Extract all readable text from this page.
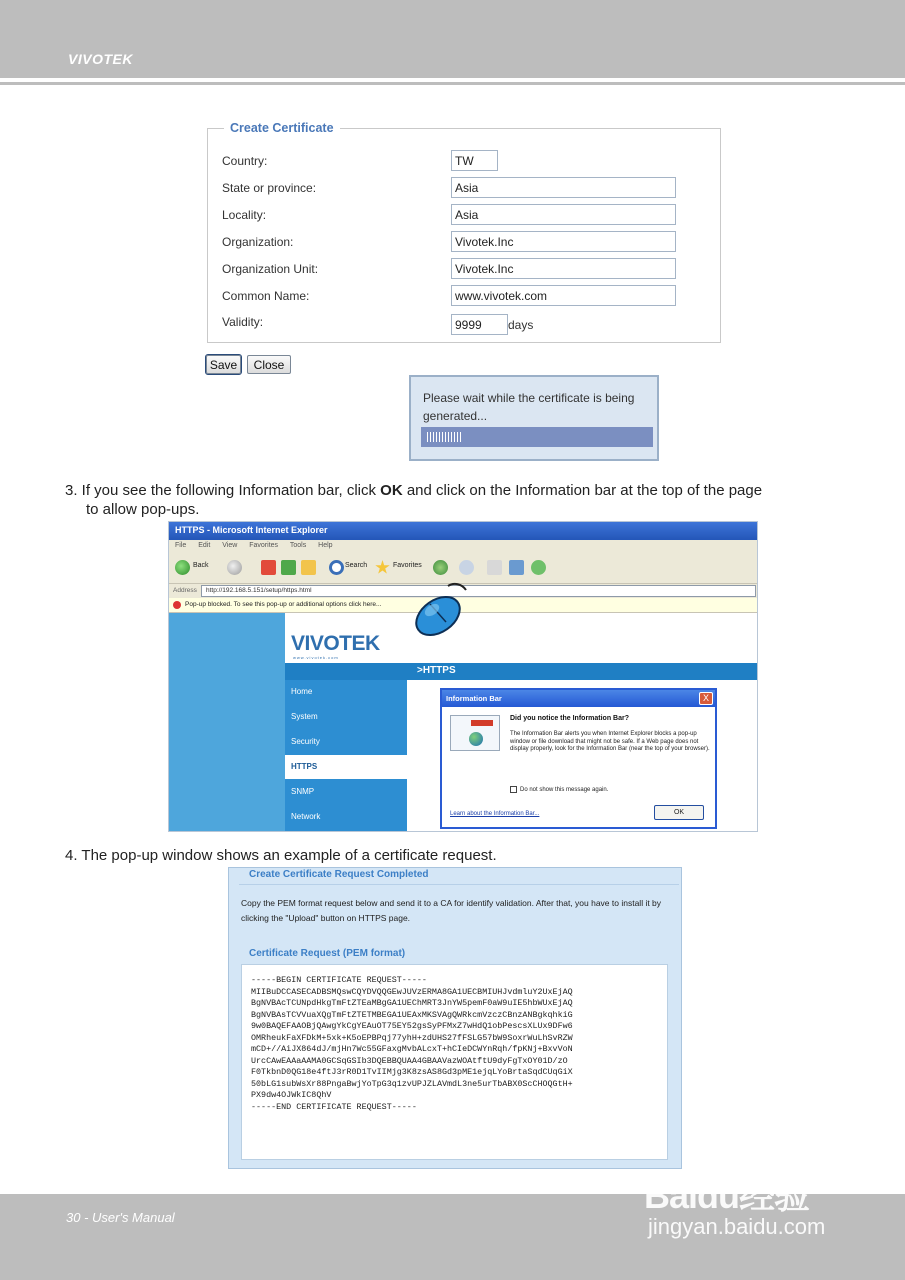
VIVOTEK
Create Certificate
Country:
TW
State or province:
Asia
Locality:
Asia
Organization:
Vivotek.Inc
Organization Unit:
Vivotek.Inc
Common Name:
www.vivotek.com
Validity:
9999	days
Save	Close
Please wait while the certificate is being generated...
3. If you see the following Information bar, click OK and click on the Information bar at the top of the page
to allow pop-ups.
HTTPS - Microsoft Internet Explorer
File Edit View Favorites Tools Help
Back	Search	Favorites
Address	http://192.168.5.151/setup/https.html
Pop-up blocked. To see this pop-up or additional options click here...
VIVOTEK
www.vivotek.com
>HTTPS
Home
System
Security
HTTPS
SNMP
Network
Information Bar	X
Did you notice the Information Bar?
The Information Bar alerts you when Internet Explorer blocks a pop-up window or file download that might not be safe. If a Web page does not display properly, look for the Information Bar (near the top of your browser).
Do not show this message again.
Learn about the Information Bar...	OK
4. The pop-up window shows an example of a certificate request.
Create Certificate Request Completed
Copy the PEM format request below and send it to a CA for identify validation. After that, you have to install it by clicking the "Upload" button on HTTPS page.
Certificate Request (PEM format)
-----BEGIN CERTIFICATE REQUEST-----
MIIBuDCCASECADBSMQswCQYDVQQGEwJUVzERMA8GA1UECBMIUHJvdmluY2UxEjAQ
BgNVBAcTCUNpdHkgTmFtZTEaMBgGA1UEChMRT3JnYW5pemF0aW9uIE5hbWUxEjAQ
BgNVBAsTCVVuaXQgTmFtZTETMBEGA1UEAxMKSVAgQWRkcmVzczCBnzANBgkqhkiG
9w0BAQEFAAOBjQAwgYkCgYEAuOT75EY52gsSyPFMxZ7wHdQ1obPescsXLUx9DFw6
OMRheukFaXFDkM+5xk+K5oEPBPqj77yhH+zdUHS27fFSLG57bW9SoxrWuLhSvRZW
mCD+//AiJX864dJ/mjHn7Wc55GFaxgMvbALcxT+hCIeDCWYnRqh/fpKNj+BxvVoN
UrcCAwEAAaAAMA0GCSqGSIb3DQEBBQUAA4GBAAVazWOAtftU9dyFgTxOY01D/zO
F0TkbnD0QG18e4ftJ3rR0D1TvIIMjg3K8zsAS8Gd3pME1ejqLYoBrtaSqdCUqGiX
50bLG1subWsXr88PngaBwjYoTpG3q1zvUPJZLAVmdL3ne5urTbABX0ScCHOQGtH+
PX9dw4OJWkIC8QhV
-----END CERTIFICATE REQUEST-----
30 - User's Manual
Baidu经验
jingyan.baidu.com
